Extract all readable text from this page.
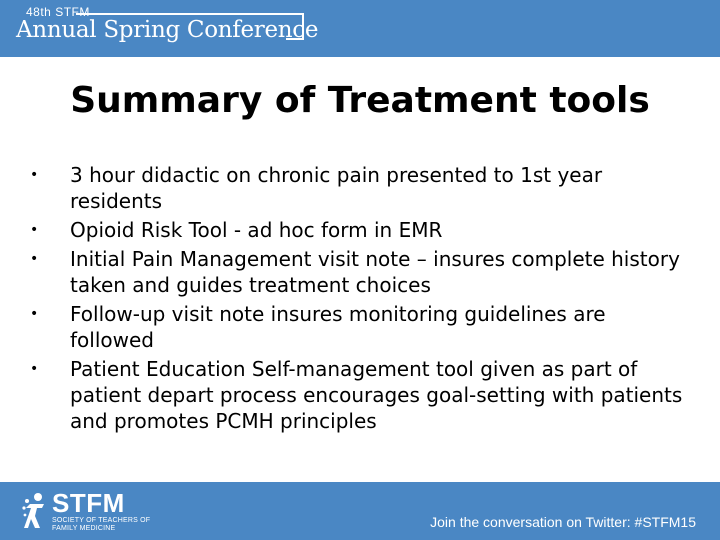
48th STFM
Annual Spring Conference
Summary of Treatment tools
• 3 hour didactic on chronic pain presented to 1st year residents
• Opioid Risk Tool - ad hoc form in EMR
• Initial Pain Management visit note – insures complete history taken and guides treatment choices
• Follow-up visit note insures monitoring guidelines are followed
• Patient Education Self-management tool given as part of patient depart process encourages goal-setting with patients and promotes PCMH principles
STFM
SOCIETY OF TEACHERS OF
FAMILY MEDICINE	Join the conversation on Twitter: #STFM15
